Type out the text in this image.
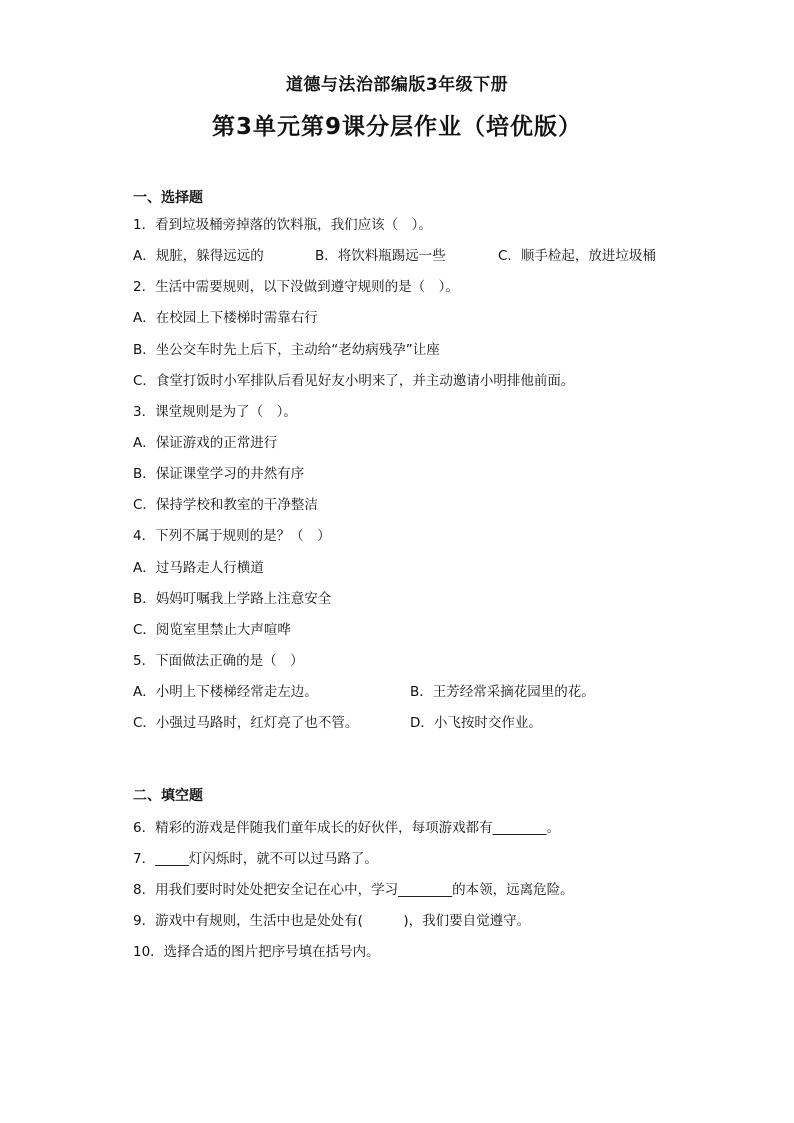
道德与法治部编版3年级下册
第3单元第9课分层作业（培优版）
一、选择题
1．看到垃圾桶旁掉落的饮料瓶，我们应该（　）。
A．规脏，躲得远远的	B．将饮料瓶踢远一些	C．顺手检起，放进垃圾桶
2．生活中需要规则，以下没做到遵守规则的是（　）。
A．在校园上下楼梯时需靠右行
B．坐公交车时先上后下，主动给“老幼病残孕”让座
C．食堂打饭时小军排队后看见好友小明来了，并主动邀请小明排他前面。
3．课堂规则是为了（　）。
A．保证游戏的正常进行
B．保证课堂学习的井然有序
C．保持学校和教室的干净整洁
4．下列不属于规则的是？（　）
A．过马路走人行横道
B．妈妈叮嘱我上学路上注意安全
C．阅览室里禁止大声喧哗
5．下面做法正确的是（　）
A．小明上下楼梯经常走左边。	B．王芳经常采摘花园里的花。
C．小强过马路时，红灯亮了也不管。	D．小飞按时交作业。
二、填空题
6．精彩的游戏是伴随我们童年成长的好伙伴，每项游戏都有________。
7．_____灯闪烁时，就不可以过马路了。
8．用我们要时时处处把安全记在心中，学习________的本领，远离危险。
9．游戏中有规则，生活中也是处处有(　　　)，我们要自觉遵守。
10．选择合适的图片把序号填在括号内。
